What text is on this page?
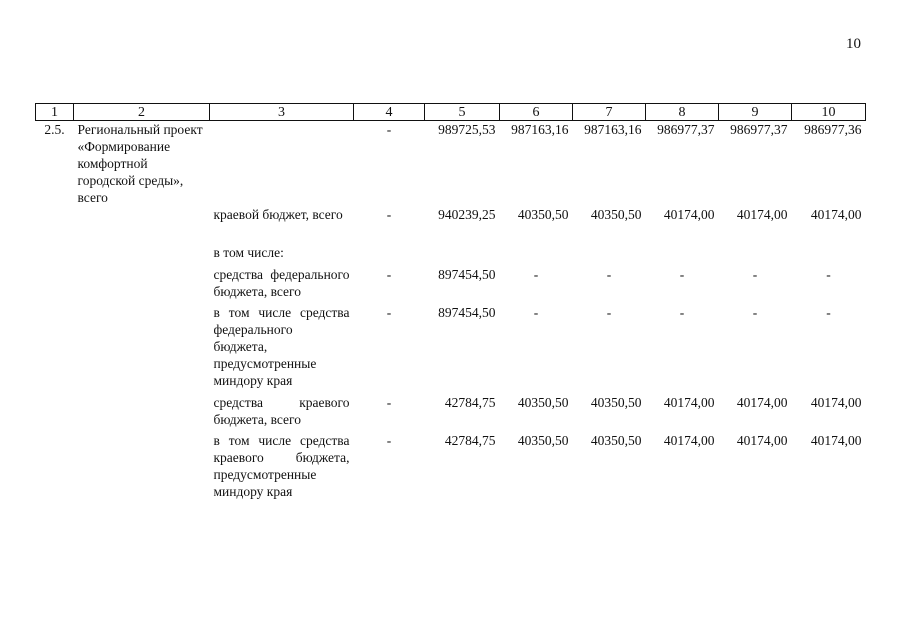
10
1	2	3	4	5	6	7	8	9	10
2.5.	Региональный проект «Формирование комфортной городской среды», всего		-	989725,53	987163,16	987163,16	986977,37	986977,37	986977,36
		краевой бюджет, всего	-	940239,25	40350,50	40350,50	40174,00	40174,00	40174,00
		в том числе:							
		средства федерального бюджета, всего	-	897454,50	-	-	-	-	-
		в том числе средства федерального бюджета, предусмотренные миндору края	-	897454,50	-	-	-	-	-
		средства краевого бюджета, всего	-	42784,75	40350,50	40350,50	40174,00	40174,00	40174,00
		в том числе средства краевого бюджета, предусмотренные миндору края	-	42784,75	40350,50	40350,50	40174,00	40174,00	40174,00
